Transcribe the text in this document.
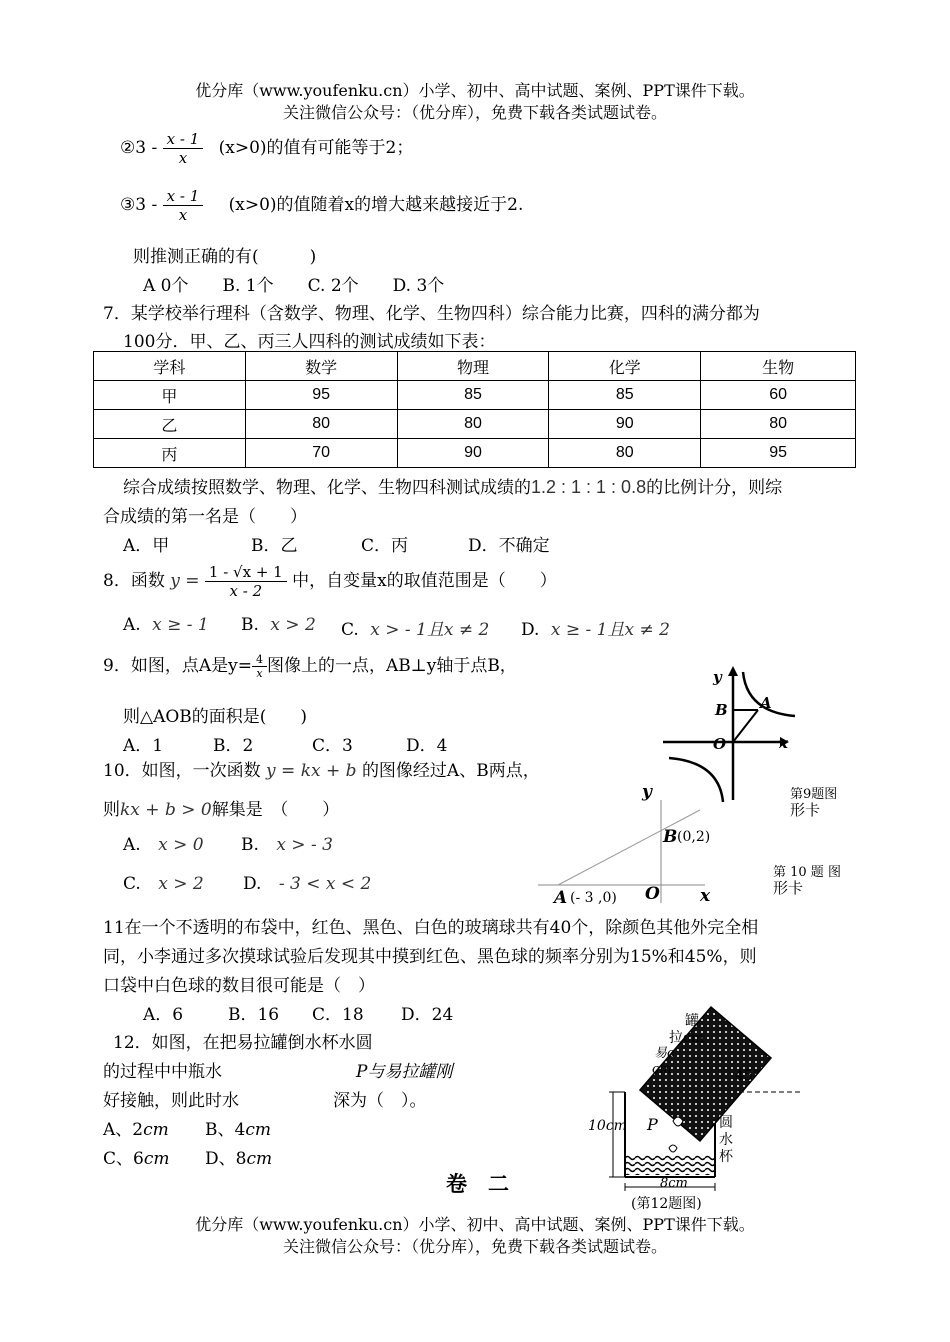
优分库（www.youfenku.cn）小学、初中、高中试题、案例、PPT课件下载。
关注微信公众号：（优分库），免费下载各类试题试卷。
②3 - $\frac{x - 1}{x} (x>0)$的值有可能等于2；
③3 - $\frac{x - 1}{x} (x>0)$的值随着x的增大越来越接近于2.
则推测正确的有(　　　)
A 0个　　B. 1个　　C. 2个　　D. 3个
7．某学校举行理科（含数学、物理、化学、生物四科）综合能力比赛，四科的满分都为
100分．甲、乙、丙三人四科的测试成绩如下表：
学科	数学	物理	化学	生物
甲	95	85	85	60
乙	80	80	90	80
丙	70	90	80	95
综合成绩按照数学、物理、化学、生物四科测试成绩的1.2 : 1 : 1 : 0.8的比例计分，则综
合成绩的第一名是（　　）
A．甲	B．乙	C．丙	D．不确定
8．函数 $y = \frac{1 - √x + 1}{x - 2}$ 中，自变量x的取值范围是（　　）
A. x ≥ - 1 B. x > 2 C. x > - 1且x ≠ 2 D. x ≥ - 1且x ≠ 2
9．如图，点A是$y= \frac{4}{x}$ 图像上的一点，AB⊥y轴于点B，
则△AOB的面积是(　　)
A．1	B．2	C．3	D．4
y
x
O
B A
第9题图
形卡
10．如图，一次函数 y = kx + b 的图像经过A、B两点，
则kx + b > 0解集是　（　　）
A. x > 0 B. x > - 3
C. x > 2 D. - 3 < x < 2
y
x
O
B (0,2)
A (- 3 ,0)
第 10 题 图
形卡
11在一个不透明的布袋中，红色、黑色、白色的玻璃球共有40个，除颜色其他外完全相
同，小李通过多次摸球试验后发现其中摸到红色、黑色球的频率分别为15%和45%，则
口袋中白色球的数目很可能是（　）
A．6	B．16 C．18 D．24
12．如图，在把易拉罐倒水杯水圆
的过程中中瓶水	P与易拉罐刚
好接触，则此时水	深为（　）。
A、2cm B、4cm
C、6cm D、8cm
罐
拉cm
易c
cm	45°
10cm P	圆
水
杯
8cm
(第12题图)
卷　二
优分库（www.youfenku.cn）小学、初中、高中试题、案例、PPT课件下载。
关注微信公众号：（优分库），免费下载各类试题试卷。
